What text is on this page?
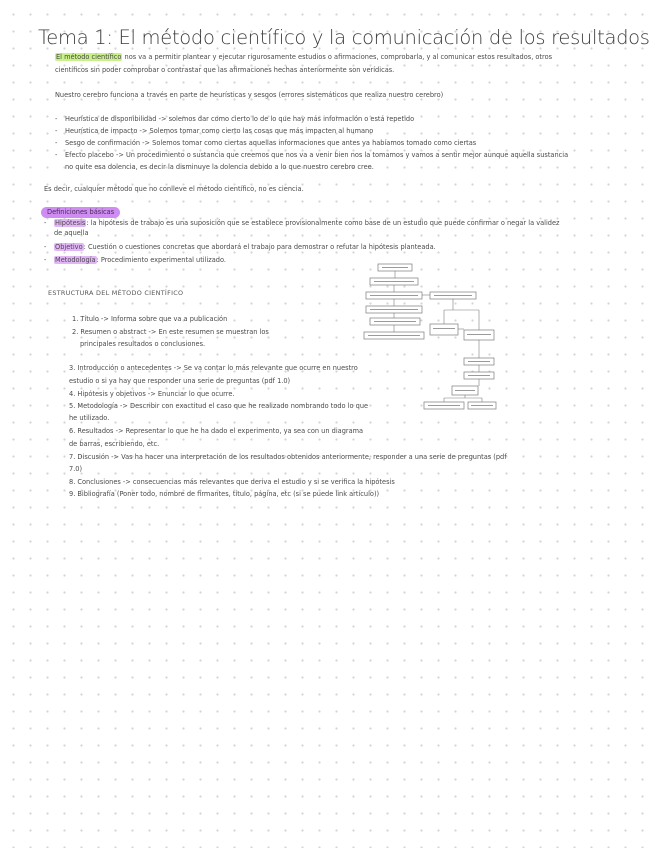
Tema 1: El método científico y la comunicación de los resultados
El método científico nos va a permitir plantear y ejecutar rigurosamente estudios o afirmaciones, comprobarla, y al comunicar estos resultados, otros
científicos sin poder comprobar o contrastar que las afirmaciones hechas anteriormente son verídicas.
Nuestro cerebro funciona a través en parte de heurísticas y sesgos (errores sistemáticos que realiza nuestro cerebro)
- Heurística de disponibilidad -> solemos dar como cierto lo de lo que hay más información o está repetido
- Heurística de impacto -> Solemos tomar como cierto las cosas que más impacten al humano
- Sesgo de confirmación -> Solemos tomar como ciertas aquellas informaciones que antes ya habíamos tomado como ciertas
- Efecto placebo -> Un procedimiento o sustancia que creemos que nos va a venir bien nos la tomamos y vamos a sentir mejor aunque aquella sustancia
no quite esa dolencia, es decir la disminuye la dolencia debido a lo que nuestro cerebro cree.
Es decir, cualquier método que no conlleve el método científico, no es ciencia.
Definiciones básicas
- Hipótesis: la hipótesis de trabajo es una suposición que se establece provisionalmente como base de un estudio que puede confirmar o negar la validez
de aquella
- Objetivo: Cuestión o cuestiones concretas que abordará el trabajo para demostrar o refutar la hipótesis planteada.
- Metodología: Procedimiento experimental utilizado.
ESTRUCTURA DEL MÉTODO CIENTÍFICO
1. Título -> Informa sobre que va a publicación
2. Resumen o abstract -> En este resumen se muestran los
principales resultados o conclusiones.
3. Introducción o antecedentes -> Se va contar lo más relevante que ocurre en nuestro
estudio o si ya hay que responder una serie de preguntas (pdf 1.0)
4. Hipótesis y objetivos -> Enunciar lo que ocurre.
5. Metodología -> Describir con exactitud el caso que he realizado nombrando todo lo que
he utilizado.
6. Resultados -> Representar lo que he ha dado el experimento, ya sea con un diagrama
de barras, escribiendo, etc.
7. Discusión -> Vas ha hacer una interpretación de los resultados obtenidos anteriormente, responder a una serie de preguntas (pdf
7.0)
8. Conclusiones -> consecuencias más relevantes que deriva el estudio y si se verifica la hipótesis
9. Bibliografía (Poner todo, nombre de firmantes, título, página, etc (si se puede link artículo))
